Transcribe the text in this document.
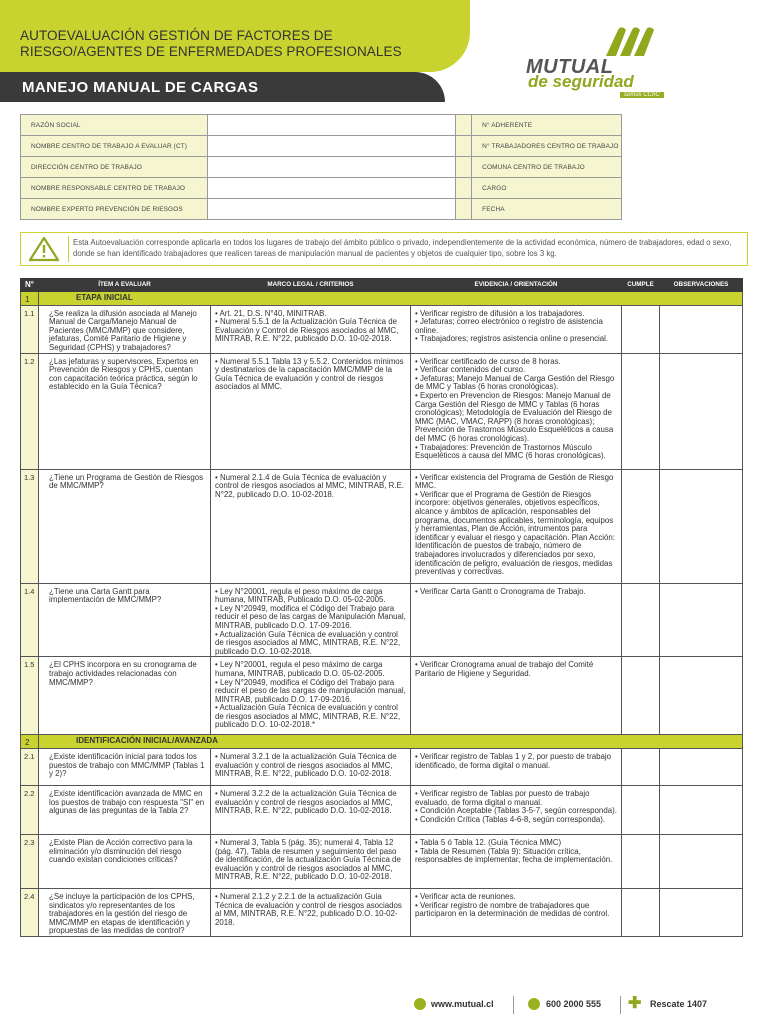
AUTOEVALUACIÓN GESTIÓN DE FACTORES DE
RIESGO/AGENTES DE ENFERMEDADES PROFESIONALES
MANEJO MANUAL DE CARGAS
MUTUAL
de seguridad
somos CChC
RAZÓN SOCIAL			N° ADHERENTE
NOMBRE CENTRO DE TRABAJO A EVALUAR (CT)			N° TRABAJADORES CENTRO DE TRABAJO
DIRECCIÓN CENTRO DE TRABAJO			COMUNA CENTRO DE TRABAJO
NOMBRE RESPONSABLE CENTRO DE TRABAJO			CARGO
NOMBRE EXPERTO PREVENCIÓN DE RIESGOS			FECHA
Esta Autoevaluación corresponde aplicarla en todos los lugares de trabajo del ámbito público o privado, independientemente de la actividad económica, número de trabajadores, edad o sexo, donde se han identificado trabajadores que realicen tareas de manipulación manual de pacientes y objetos de cualquier tipo, sobre los 3 kg.
N°	ÍTEM A EVALUAR	MARCO LEGAL / CRITERIOS	EVIDENCIA / ORIENTACIÓN	CUMPLE	OBSERVACIONES
1	ETAPA INICIAL				
1.1	¿Se realiza la difusión asociada al Manejo Manual de Carga/Manejo Manual de Pacientes (MMC/MMP) que considere, jefaturas, Comité Paritario de Higiene y Seguridad (CPHS) y trabajadores?	• Art. 21, D.S. N°40, MINITRAB.
• Numeral 5.5.1 de la Actualización Guía Técnica de Evaluación y Control de Riesgos asociados al MMC, MINTRAB, R.E. N°22, publicado D.O. 10-02-2018.	• Verificar registro de difusión a los trabajadores.
• Jefaturas; correo electrónico o registro de asistencia online.
• Trabajadores; registros asistencia online o presencial.

1.2	¿Las jefaturas y supervisores, Expertos en Prevención de Riesgos y CPHS, cuentan con capacitación teórica práctica, según lo establecido en la Guía Técnica?	• Numeral 5.5.1 Tabla 13 y 5.5.2. Contenidos mínimos y destinatarios de la capacitación MMC/MMP de la Guía Técnica de evaluación y control de riesgos asociados al MMC.	• Verificar certificado de curso de 8 horas.
• Verificar contenidos del curso.
• Jefaturas; Manejo Manual de Carga Gestión del Riesgo de MMC y Tablas (6 horas cronológicas).
• Experto en Prevencion de Riesgos: Manejo Manual de Carga Gestión del Riesgo de MMC y Tablas (6 horas cronológicas); Metodología de Evaluación del Riesgo de MMC (MAC, VMAC, RAPP) (8 horas cronológicas); Prevención de Trastornos Músculo Esqueléticos a causa del MMC (6 horas cronológicas).
• Trabajadores: Prevención de Trastornos Músculo Esqueléticos a causa del MMC (6 horas cronológicas).

1.3	¿Tiene un Programa de Gestión de Riesgos de MMC/MMP?	• Numeral 2.1.4 de Guía Técnica de evaluación y control de riesgos asociados al MMC, MINTRAB, R.E. N°22, publicado D.O. 10-02-2018.	• Verificar existencia del Programa de Gestión de Riesgo MMC.
• Verificar que el Programa de Gestión de Riesgos incorpore: objetivos generales, objetivos específicos, alcance y ámbitos de aplicación, responsables del programa, documentos aplicables, terminología, equipos y herramientas, Plan de Acción, intrumentos para identificar y evaluar el riesgo y capacitación. Plan Acción: Identificación de puestos de trabajo, número de trabajadores involucrados y diferenciados por sexo, identificación de peligro, evaluación de riesgos, medidas preventivas y correctivas.

1.4	¿Tiene una Carta Gantt para implementación de MMC/MMP?	• Ley N°20001, regula el peso máximo de carga humana, MINTRAB, Publicado D.O. 05-02-2005.
• Ley N°20949, modifica el Código del Trabajo para reducir el peso de las cargas de Manipulación Manual, MINTRAB, publicado D.O. 17-09-2016.
• Actualización Guía Técnica de evaluación y control de riesgos asociados al MMC, MINTRAB, R.E. N°22, publicado D.O. 10-02-2018.	• Verificar Carta Gantt o Cronograma de Trabajo.

1.5	¿El CPHS incorpora en su cronograma de trabajo actividades relacionadas con MMC/MMP?	• Ley N°20001, regula el peso máximo de carga humana, MINTRAB, publicado D.O. 05-02-2005.
• Ley N°20949, modifica el Código del Trabajo para reducir el peso de las cargas de manipulación manual, MINTRAB, publicado D.O. 17-09-2016.
• Actualización Guía Técnica de evaluación y control de riesgos asociados al MMC, MINTRAB, R.E. N°22, publicado D.O. 10-02-2018.*	• Verificar Cronograma anual de trabajo del Comité Paritario de Higiene y Seguridad.

2	IDENTIFICACIÓN INICIAL/AVANZADA				
2.1	¿Existe identificación inicial para todos los puestos de trabajo con MMC/MMP (Tablas 1 y 2)?	• Numeral 3.2.1 de la actualización Guía Técnica de evaluación y control de riesgos asociados al MMC, MINTRAB, R.E. N°22, publicado D.O. 10-02-2018.	• Verificar registro de Tablas 1 y 2, por puesto de trabajo identificado, de forma digital o manual.

2.2	¿Existe identificación avanzada de MMC en los puestos de trabajo con respuesta "SI" en algunas de las preguntas de la Tabla 2?	• Numeral 3.2.2 de la actualización Guía Técnica de evaluación y control de riesgos asociados al MMC, MINTRAB, R.E. N°22, publicado D.O. 10-02-2018.	• Verificar registro de Tablas por puesto de trabajo evaluado, de forma digital o manual.
• Condición Aceptable (Tablas 3-5-7, según corresponda).
• Condición Crítica (Tablas 4-6-8, según corresponda).

2.3	¿Existe Plan de Acción correctivo para la eliminación y/o disminución del riesgo cuando existan condiciones críticas?	• Numeral 3, Tabla 5 (pág. 35); numeral 4, Tabla 12 (pág. 47), Tabla de resumen y seguimiento del paso de identificación, de la actualización Guía Técnica de evaluación y control de riesgos asociados al MMC, MINTRAB, R.E. N°22, publicado D.O. 10-02-2018.	• Tabla 5 ó Tabla 12. (Guía Técnica MMC)
• Tabla de Resumen (Tabla 9): Situación crítica, responsables de implementar, fecha de implementación.

2.4	¿Se incluye la participación de los CPHS, sindicatos y/o representantes de los trabajadores en la gestión del riesgo de MMC/MMP en etapas de identificación y propuestas de las medidas de control?	• Numeral 2.1.2 y 2.2.1 de la actualización Guía Técnica de evaluación y control de riesgos asociados al MM, MINTRAB, R.E. N°22, publicado D.O. 10-02-2018.	• Verificar acta de reuniones.
• Verificar registro de nombre de trabajadores que participaron en la determinación de medidas de control.

www.mutual.cl	600 2000 555 ✚ Rescate 1407
